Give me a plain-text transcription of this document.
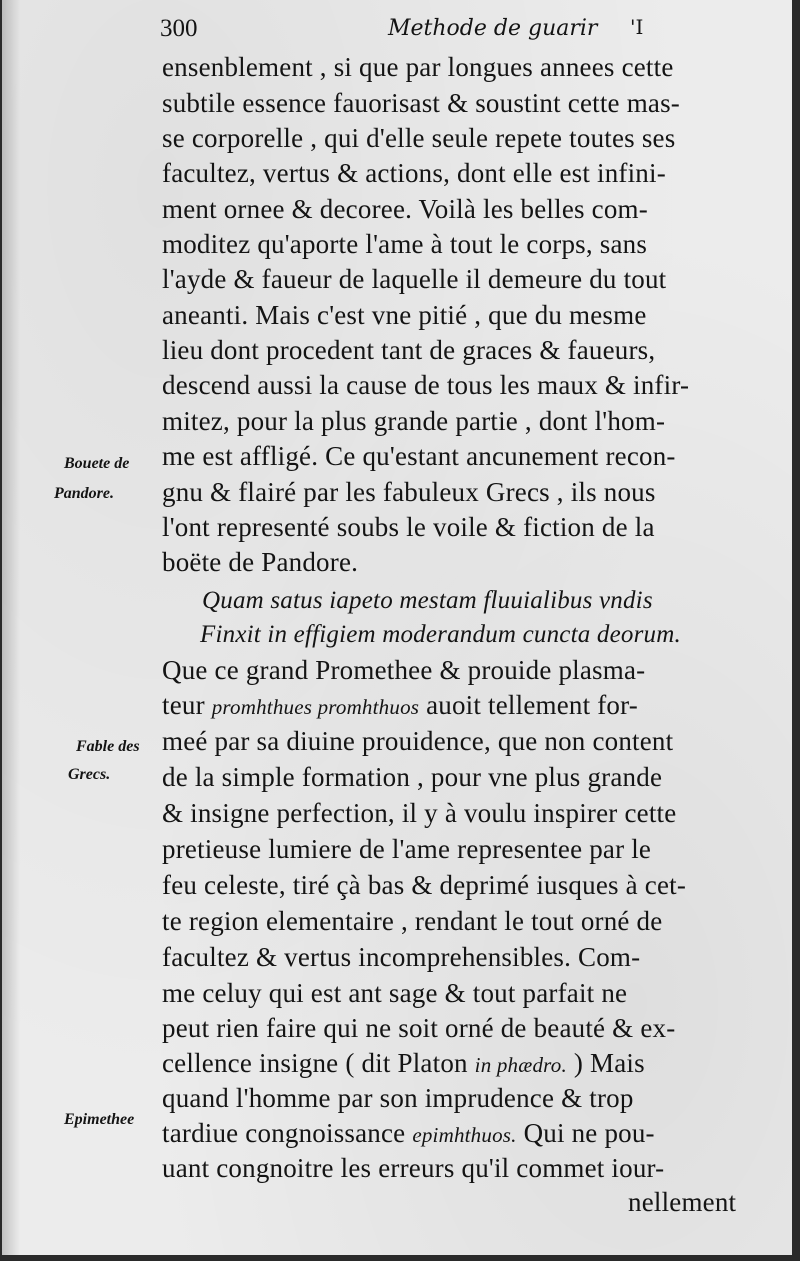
300	Methode de guarir 'I
ensenblement , si que par longues annees cette
subtile essence fauorisast & soustint cette mas-
se corporelle , qui d'elle seule repete toutes ses
facultez, vertus & actions, dont elle est infini-
ment ornee & decoree. Voilà les belles com-
moditez qu'aporte l'ame à tout le corps, sans
l'ayde & faueur de laquelle il demeure du tout
aneanti. Mais c'est vne pitié , que du mesme
lieu dont procedent tant de graces & faueurs,
descend aussi la cause de tous les maux & infir-
mitez, pour la plus grande partie , dont l'hom-
me est affligé. Ce qu'estant ancunement recon-
gnu & flairé par les fabuleux Grecs , ils nous
l'ont representé soubs le voile & fiction de la
boëte de Pandore.
Quam satus iapeto mestam fluuialibus vndis
Finxit in effigiem moderandum cuncta deorum.
Que ce grand Promethee & prouide plasma-
teur promhthues promhthuos auoit tellement for-
meé par sa diuine prouidence, que non content
de la simple formation , pour vne plus grande
& insigne perfection, il y à voulu inspirer cette
pretieuse lumiere de l'ame representee par le
feu celeste, tiré çà bas & deprimé iusques à cet-
te region elementaire , rendant le tout orné de
facultez & vertus incomprehensibles. Com-
me celuy qui est ant sage & tout parfait ne
peut rien faire qui ne soit orné de beauté & ex-
cellence insigne ( dit Platon in phædro. ) Mais
quand l'homme par son imprudence & trop
tardiue congnoissance epimhthuos. Qui ne pou-
uant congnoitre les erreurs qu'il commet iour-
nellement
Bouete de
Pandore.
Fable des
Grecs.
Epimethee
